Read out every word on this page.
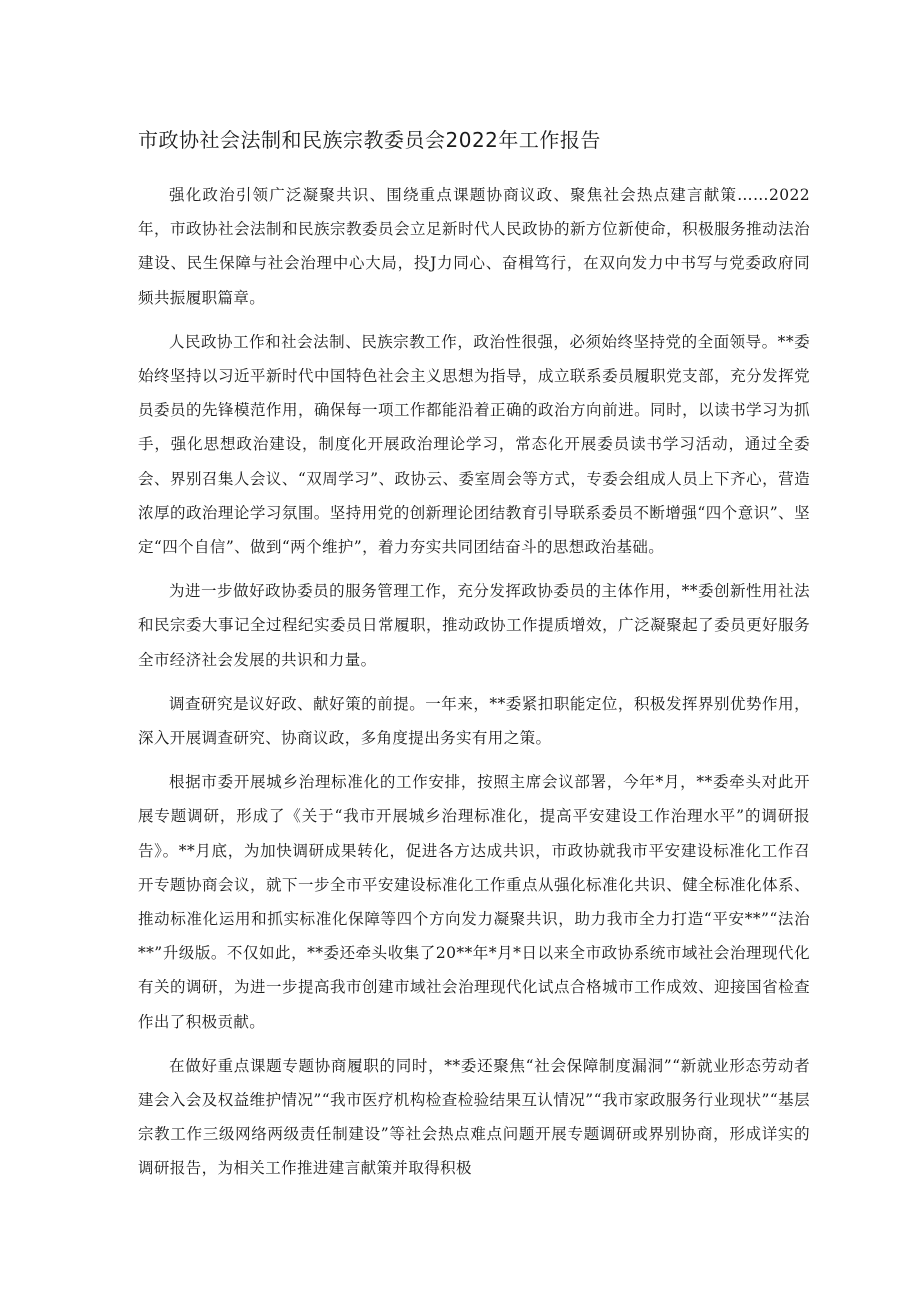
市政协社会法制和民族宗教委员会2022年工作报告

强化政治引领广泛凝聚共识、围绕重点课题协商议政、聚焦社会热点建言献策……2022年，市政协社会法制和民族宗教委员会立足新时代人民政协的新方位新使命，积极服务推动法治建设、民生保障与社会治理中心大局，投J力同心、奋楫笃行，在双向发力中书写与党委政府同频共振履职篇章。

人民政协工作和社会法制、民族宗教工作，政治性很强，必须始终坚持党的全面领导。**委始终坚持以习近平新时代中国特色社会主义思想为指导，成立联系委员履职党支部，充分发挥党员委员的先锋模范作用，确保每一项工作都能沿着正确的政治方向前进。同时，以读书学习为抓手，强化思想政治建设，制度化开展政治理论学习，常态化开展委员读书学习活动，通过全委会、界别召集人会议、“双周学习”、政协云、委室周会等方式，专委会组成人员上下齐心，营造浓厚的政治理论学习氛围。坚持用党的创新理论团结教育引导联系委员不断增强“四个意识”、坚定“四个自信”、做到“两个维护”，着力夯实共同团结奋斗的思想政治基础。

为进一步做好政协委员的服务管理工作，充分发挥政协委员的主体作用，**委创新性用社法和民宗委大事记全过程纪实委员日常履职，推动政协工作提质增效，广泛凝聚起了委员更好服务全市经济社会发展的共识和力量。

调查研究是议好政、献好策的前提。一年来，**委紧扣职能定位，积极发挥界别优势作用，深入开展调查研究、协商议政，多角度提出务实有用之策。

根据市委开展城乡治理标准化的工作安排，按照主席会议部署，今年*月，**委牵头对此开展专题调研，形成了《关于“我市开展城乡治理标准化，提高平安建设工作治理水平”的调研报告》。**月底，为加快调研成果转化，促进各方达成共识，市政协就我市平安建设标准化工作召开专题协商会议，就下一步全市平安建设标准化工作重点从强化标准化共识、健全标准化体系、推动标准化运用和抓实标准化保障等四个方向发力凝聚共识，助力我市全力打造“平安**”“法治**”升级版。不仅如此，**委还牵头收集了20**年*月*日以来全市政协系统市域社会治理现代化有关的调研，为进一步提高我市创建市域社会治理现代化试点合格城市工作成效、迎接国省检查作出了积极贡献。

在做好重点课题专题协商履职的同时，**委还聚焦“社会保障制度漏洞”“新就业形态劳动者建会入会及权益维护情况”“我市医疗机构检查检验结果互认情况”“我市家政服务行业现状”“基层宗教工作三级网络两级责任制建设”等社会热点难点问题开展专题调研或界别协商，形成详实的调研报告，为相关工作推进建言献策并取得积极
